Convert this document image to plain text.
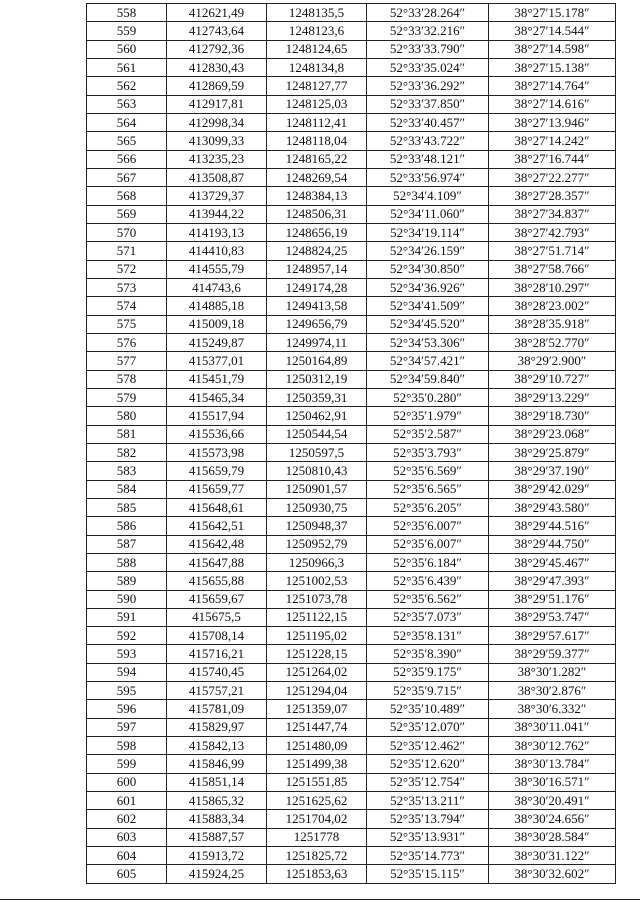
558	412621,49	1248135,5	52°33′28.264″	38°27′15.178″
559	412743,64	1248123,6	52°33′32.216″	38°27′14.544″
560	412792,36	1248124,65	52°33′33.790″	38°27′14.598″
561	412830,43	1248134,8	52°33′35.024″	38°27′15.138″
562	412869,59	1248127,77	52°33′36.292″	38°27′14.764″
563	412917,81	1248125,03	52°33′37.850″	38°27′14.616″
564	412998,34	1248112,41	52°33′40.457″	38°27′13.946″
565	413099,33	1248118,04	52°33′43.722″	38°27′14.242″
566	413235,23	1248165,22	52°33′48.121″	38°27′16.744″
567	413508,87	1248269,54	52°33′56.974″	38°27′22.277″
568	413729,37	1248384,13	52°34′4.109″	38°27′28.357″
569	413944,22	1248506,31	52°34′11.060″	38°27′34.837″
570	414193,13	1248656,19	52°34′19.114″	38°27′42.793″
571	414410,83	1248824,25	52°34′26.159″	38°27′51.714″
572	414555,79	1248957,14	52°34′30.850″	38°27′58.766″
573	414743,6	1249174,28	52°34′36.926″	38°28′10.297″
574	414885,18	1249413,58	52°34′41.509″	38°28′23.002″
575	415009,18	1249656,79	52°34′45.520″	38°28′35.918″
576	415249,87	1249974,11	52°34′53.306″	38°28′52.770″
577	415377,01	1250164,89	52°34′57.421″	38°29′2.900″
578	415451,79	1250312,19	52°34′59.840″	38°29′10.727″
579	415465,34	1250359,31	52°35′0.280″	38°29′13.229″
580	415517,94	1250462,91	52°35′1.979″	38°29′18.730″
581	415536,66	1250544,54	52°35′2.587″	38°29′23.068″
582	415573,98	1250597,5	52°35′3.793″	38°29′25.879″
583	415659,79	1250810,43	52°35′6.569″	38°29′37.190″
584	415659,77	1250901,57	52°35′6.565″	38°29′42.029″
585	415648,61	1250930,75	52°35′6.205″	38°29′43.580″
586	415642,51	1250948,37	52°35′6.007″	38°29′44.516″
587	415642,48	1250952,79	52°35′6.007″	38°29′44.750″
588	415647,88	1250966,3	52°35′6.184″	38°29′45.467″
589	415655,88	1251002,53	52°35′6.439″	38°29′47.393″
590	415659,67	1251073,78	52°35′6.562″	38°29′51.176″
591	415675,5	1251122,15	52°35′7.073″	38°29′53.747″
592	415708,14	1251195,02	52°35′8.131″	38°29′57.617″
593	415716,21	1251228,15	52°35′8.390″	38°29′59.377″
594	415740,45	1251264,02	52°35′9.175″	38°30′1.282″
595	415757,21	1251294,04	52°35′9.715″	38°30′2.876″
596	415781,09	1251359,07	52°35′10.489″	38°30′6.332″
597	415829,97	1251447,74	52°35′12.070″	38°30′11.041″
598	415842,13	1251480,09	52°35′12.462″	38°30′12.762″
599	415846,99	1251499,38	52°35′12.620″	38°30′13.784″
600	415851,14	1251551,85	52°35′12.754″	38°30′16.571″
601	415865,32	1251625,62	52°35′13.211″	38°30′20.491″
602	415883,34	1251704,02	52°35′13.794″	38°30′24.656″
603	415887,57	1251778	52°35′13.931″	38°30′28.584″
604	415913,72	1251825,72	52°35′14.773″	38°30′31.122″
605	415924,25	1251853,63	52°35′15.115″	38°30′32.602″
